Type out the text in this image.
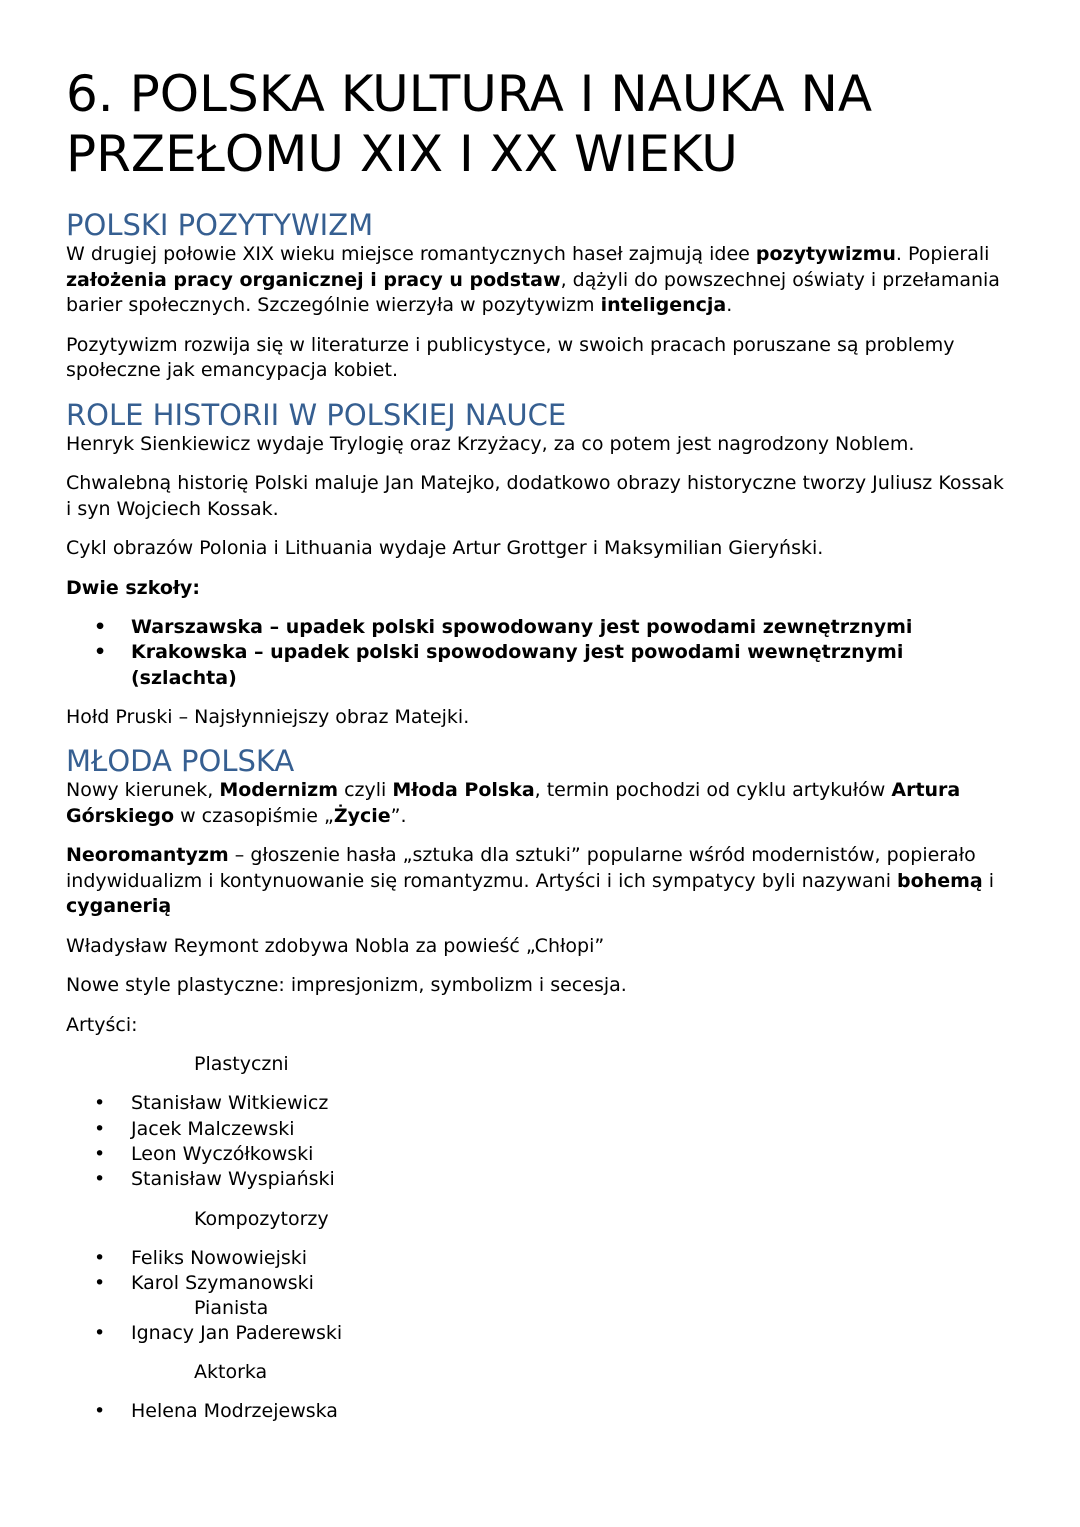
6. POLSKA KULTURA I NAUKA NA
PRZEŁOMU XIX I XX WIEKU
POLSKI POZYTYWIZM

W drugiej połowie XIX wieku miejsce romantycznych haseł zajmują idee pozytywizmu. Popierali założenia pracy organicznej i pracy u podstaw, dążyli do powszechnej oświaty i przełamania barier społecznych. Szczególnie wierzyła w pozytywizm inteligencja.

Pozytywizm rozwija się w literaturze i publicystyce, w swoich pracach poruszane są problemy społeczne jak emancypacja kobiet.

ROLE HISTORII W POLSKIEJ NAUCE

Henryk Sienkiewicz wydaje Trylogię oraz Krzyżacy, za co potem jest nagrodzony Noblem.

Chwalebną historię Polski maluje Jan Matejko, dodatkowo obrazy historyczne tworzy Juliusz Kossak i syn Wojciech Kossak.

Cykl obrazów Polonia i Lithuania wydaje Artur Grottger i Maksymilian Gieryński.

Dwie szkoły:

• Warszawska – upadek polski spowodowany jest powodami zewnętrznymi
• Krakowska – upadek polski spowodowany jest powodami wewnętrznymi (szlachta)

Hołd Pruski – Najsłynniejszy obraz Matejki.

MŁODA POLSKA

Nowy kierunek, Modernizm czyli Młoda Polska, termin pochodzi od cyklu artykułów Artura Górskiego w czasopiśmie „Życie”.

Neoromantyzm – głoszenie hasła „sztuka dla sztuki” popularne wśród modernistów, popierało indywidualizm i kontynuowanie się romantyzmu. Artyści i ich sympatycy byli nazywani bohemą i cyganerią

Władysław Reymont zdobywa Nobla za powieść „Chłopi”

Nowe style plastyczne: impresjonizm, symbolizm i secesja.

Artyści:

Plastyczni

• Stanisław Witkiewicz
• Jacek Malczewski
• Leon Wyczółkowski
• Stanisław Wyspiański

Kompozytorzy

• Feliks Nowowiejski
• Karol Szymanowski

Pianista

• Ignacy Jan Paderewski

Aktorka

• Helena Modrzejewska
